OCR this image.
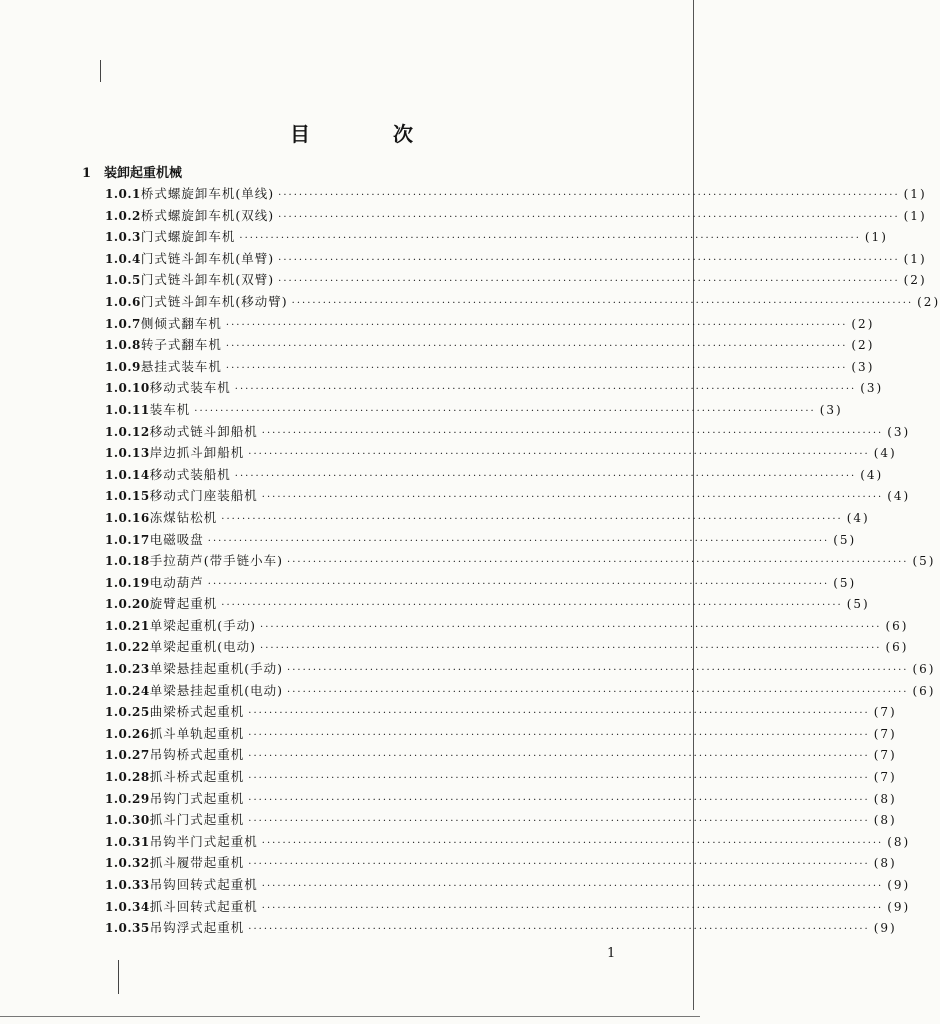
目 次
1 装卸起重机械
1.0.1 桥式螺旋卸车机(单线) ························································································································ (1)
1.0.2 桥式螺旋卸车机(双线) ························································································································ (1)
1.0.3 门式螺旋卸车机 ························································································································ (1)
1.0.4 门式链斗卸车机(单臂) ························································································································ (1)
1.0.5 门式链斗卸车机(双臂) ························································································································ (2)
1.0.6 门式链斗卸车机(移动臂) ························································································································ (2)
1.0.7 侧倾式翻车机 ························································································································ (2)
1.0.8 转子式翻车机 ························································································································ (2)
1.0.9 悬挂式装车机 ························································································································ (3)
1.0.10 移动式装车机 ························································································································ (3)
1.0.11 装车机 ························································································································ (3)
1.0.12 移动式链斗卸船机 ························································································································ (3)
1.0.13 岸边抓斗卸船机 ························································································································ (4)
1.0.14 移动式装船机 ························································································································ (4)
1.0.15 移动式门座装船机 ························································································································ (4)
1.0.16 冻煤钻松机 ························································································································ (4)
1.0.17 电磁吸盘 ························································································································ (5)
1.0.18 手拉葫芦(带手链小车) ························································································································ (5)
1.0.19 电动葫芦 ························································································································ (5)
1.0.20 旋臂起重机 ························································································································ (5)
1.0.21 单梁起重机(手动) ························································································································ (6)
1.0.22 单梁起重机(电动) ························································································································ (6)
1.0.23 单梁悬挂起重机(手动) ························································································································ (6)
1.0.24 单梁悬挂起重机(电动) ························································································································ (6)
1.0.25 曲梁桥式起重机 ························································································································ (7)
1.0.26 抓斗单轨起重机 ························································································································ (7)
1.0.27 吊钩桥式起重机 ························································································································ (7)
1.0.28 抓斗桥式起重机 ························································································································ (7)
1.0.29 吊钩门式起重机 ························································································································ (8)
1.0.30 抓斗门式起重机 ························································································································ (8)
1.0.31 吊钩半门式起重机 ························································································································ (8)
1.0.32 抓斗履带起重机 ························································································································ (8)
1.0.33 吊钩回转式起重机 ························································································································ (9)
1.0.34 抓斗回转式起重机 ························································································································ (9)
1.0.35 吊钩浮式起重机 ························································································································ (9)
1
